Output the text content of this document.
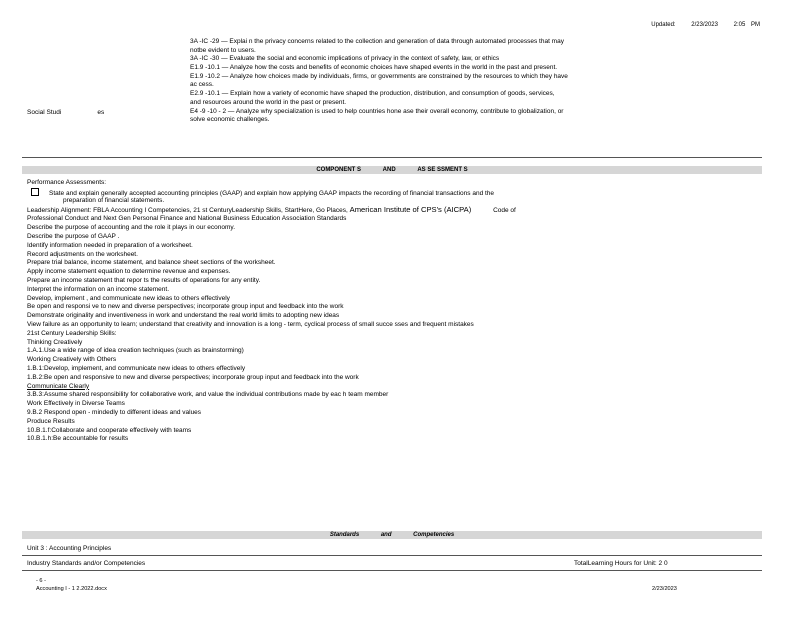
Updated:	2/23/2023	2:05 PM
3A -IC -29 — Explai n the privacy concerns related to the collection and generation of data through automated processes that may
notbe evident to users.
3A -IC -30 — Evaluate the social and economic implications of privacy in the context of safety, law, or ethics
E1.9 -10.1 — Analyze how the costs and benefits of economic choices have shaped events in the world in the past and present.
E1.9 -10.2 — Analyze how choices made by individuals, firms, or governments are constrained by the resources to which they have
ac cess.
E2.9 -10.1 — Explain how a variety of economic have shaped the production, distribution, and consumption of goods, services,
and resources around the world in the past or present.
E4 -9 -10 - 2 — Analyze why specialization is used to help countries hone ase their overall economy, contribute to globalization, or
solve economic challenges.
Social Studi	es
COMPONENT S	AND	AS SE SSMENT S
Performance Assessments:
State and explain generally accepted accounting principles (GAAP) and explain how applying GAAP impacts the recording of financial transactions and the
preparation of financial statements.
Leadership Alignment: FBLA Accounting I Competencies, 21 st CenturyLeadership Skills, StartHere, Go Places, American Institute of CPS's (AICPA)	Code of
Professional Conduct and Next Gen Personal Finance and National Business Education Association Standards
Describe the purpose of accounting and the role it plays in our economy.
Describe the purpose of GAAP .
Identify information needed in preparation of a worksheet.
Record adjustments on the worksheet.
Prepare trial balance, income statement, and balance sheet sections of the worksheet.
Apply income statement equation to determine revenue and expenses.
Prepare an income statement that repor ts the results of operations for any entity.
Interpret the information on an income statement.
Develop, implement , and communicate new ideas to others effectively
Be open and responsi ve to new and diverse perspectives; incorporate group input and feedback into the work
Demonstrate originality and inventiveness in work and understand the real world limits to adopting new ideas
View failure as an opportunity to learn; understand that creativity and innovation is a long - term, cyclical process of small succe sses and frequent mistakes
21st Century Leadership Skills:
Thinking Creatively
1.A.1.Use a wide range of idea creation techniques (such as brainstorming)
Working Creatively with Others
1.B.1:Develop, implement, and communicate new ideas to others effectively
1.B.2:Be open and responsive to new and diverse perspectives; incorporate group input and feedback into the work
Communicate Clearly
3.B.3:Assume shared responsibility for collaborative work, and value the individual contributions made by eac h team member
Work Effectively in Diverse Teams
9.B.2 Respond open - mindedly to different ideas and values
Produce Results
10.B.1.f:Collaborate and cooperate effectively with teams
10.B.1.h:Be accountable for results
Standards	and	Competencies
Unit 3 : Accounting Principles
Industry Standards and/or Competencies	TotalLearning Hours for Unit: 2 0
- 6 -
Accounting I - 1 2.2022.docx	2/23/2023
